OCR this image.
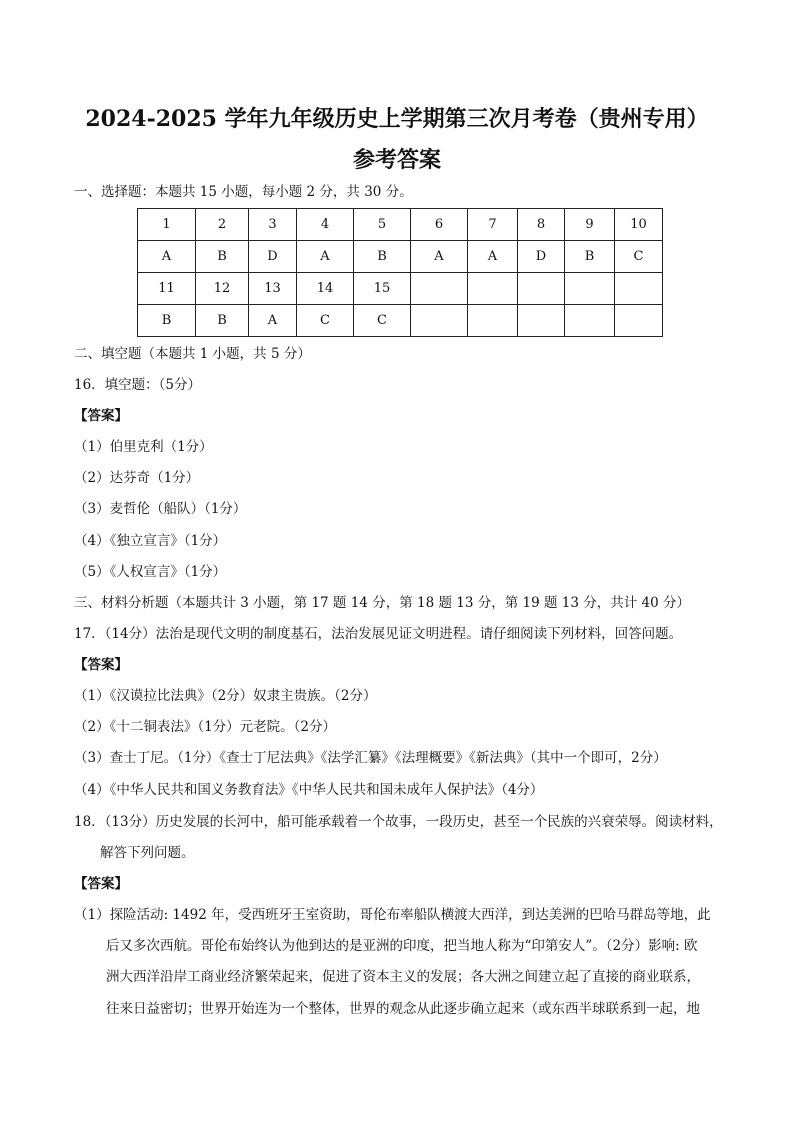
2024-2025 学年九年级历史上学期第三次月考卷（贵州专用）
参考答案
一、选择题：本题共 15 小题，每小题 2 分，共 30 分。
1	2	3	4	5	6	7	8	9	10
A	B	D	A	B	A	A	D	B	C
11	12	13	14	15					
B	B	A	C	C					
二、填空题（本题共 1 小题，共 5 分）
16．填空题：（5分）
【答案】
（1）伯里克利（1分）
（2）达芬奇（1分）
（3）麦哲伦（船队）（1分）
（4）《独立宣言》（1分）
（5）《人权宣言》（1分）
三、材料分析题（本题共计 3 小题，第 17 题 14 分，第 18 题 13 分，第 19 题 13 分，共计 40 分）
17．（14分）法治是现代文明的制度基石，法治发展见证文明进程。请仔细阅读下列材料，回答问题。
【答案】
（1）《汉谟拉比法典》（2分）奴隶主贵族。（2分）
（2）《十二铜表法》（1分）元老院。（2分）
（3）查士丁尼。（1分）《查士丁尼法典》《法学汇纂》《法理概要》《新法典》（其中一个即可，2分）
（4）《中华人民共和国义务教育法》《中华人民共和国未成年人保护法》（4分）
18．（13分）历史发展的长河中，船可能承载着一个故事，一段历史，甚至一个民族的兴衰荣辱。阅读材料，
解答下列问题。
【答案】
（1）探险活动: 1492 年，受西班牙王室资助，哥伦布率船队横渡大西洋，到达美洲的巴哈马群岛等地，此
后又多次西航。哥伦布始终认为他到达的是亚洲的印度，把当地人称为“印第安人”。（2分）影响: 欧
洲大西洋沿岸工商业经济繁荣起来，促进了资本主义的发展；各大洲之间建立起了直接的商业联系，
往来日益密切；世界开始连为一个整体，世界的观念从此逐步确立起来（或东西半球联系到一起，地
